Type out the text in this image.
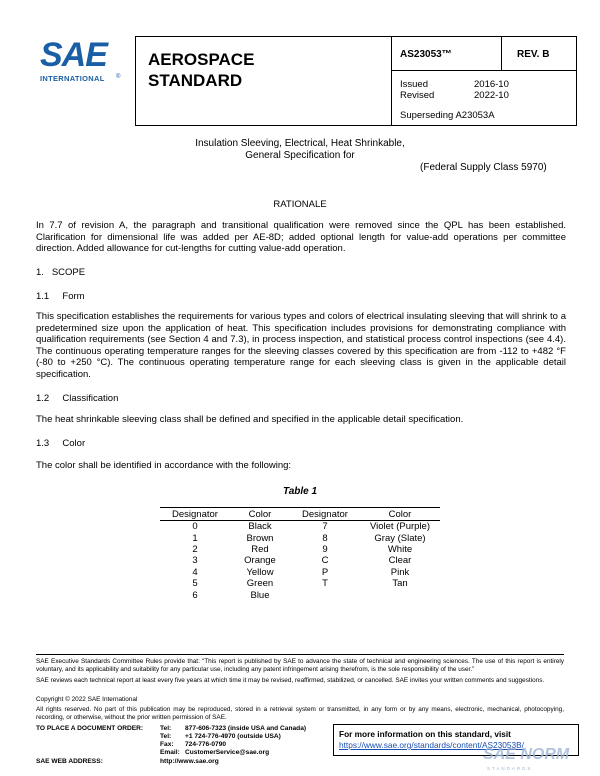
SAE
INTERNATIONAL ®
AEROSPACE
STANDARD
AS23053™	REV. B
Issued	2016-10
Revised	2022-10
Superseding A23053A
Insulation Sleeving, Electrical, Heat Shrinkable,
General Specification for
(Federal Supply Class 5970)
RATIONALE
In 7.7 of revision A, the paragraph and transitional qualification were removed since the QPL has been established. Clarification for dimensional life was added per AE-8D; added optional length for value-add operations per committee direction. Added allowance for cut-lengths for cutting value-add operation.
1.   SCOPE
1.1     Form
This specification establishes the requirements for various types and colors of electrical insulating sleeving that will shrink to a predetermined size upon the application of heat. This specification includes provisions for demonstrating compliance with qualification requirements (see Section 4 and 7.3), in process inspection, and statistical process control inspections (see 4.4). The continuous operating temperature ranges for the sleeving classes covered by this specification are from -112 to +482 °F (-80 to +250 °C). The continuous operating temperature range for each sleeving class is given in the applicable detail specification.
1.2     Classification
The heat shrinkable sleeving class shall be defined and specified in the applicable detail specification.
1.3     Color
The color shall be identified in accordance with the following:
Table 1
Designator	Color	Designator	Color
0	Black	7	Violet (Purple)
1	Brown	8	Gray (Slate)
2	Red	9	White
3	Orange	C	Clear
4	Yellow	P	Pink
5	Green	T	Tan
6	Blue		
SAE Executive Standards Committee Rules provide that: “This report is published by SAE to advance the state of technical and engineering sciences. The use of this report is entirely voluntary, and its applicability and suitability for any particular use, including any patent infringement arising therefrom, is the sole responsibility of the user.”
SAE reviews each technical report at least every five years at which time it may be revised, reaffirmed, stabilized, or cancelled. SAE invites your written comments and suggestions.
Copyright © 2022 SAE International
All rights reserved. No part of this publication may be reproduced, stored in a retrieval system or transmitted, in any form or by any means, electronic, mechanical, photocopying, recording, or otherwise, without the prior written permission of SAE.
TO PLACE A DOCUMENT ORDER:	Tel: 877-606-7323 (inside USA and Canada)
Tel: +1 724-776-4970 (outside USA)
Fax: 724-776-0790
Email: CustomerService@sae.org
SAE WEB ADDRESS:	http://www.sae.org
For more information on this standard, visit
https://www.sae.org/standards/content/AS23053B/
SAE NORM
STANDARDS
